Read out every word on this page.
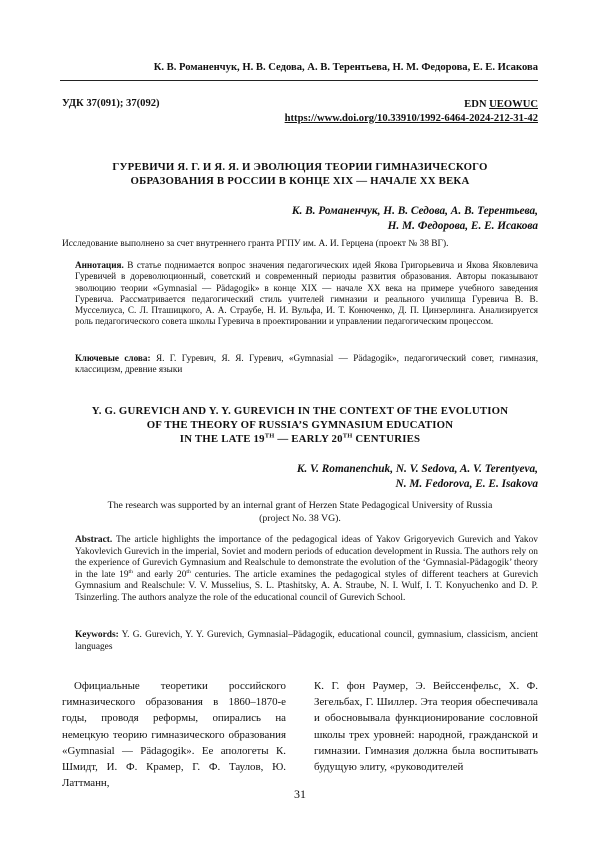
К. В. Романенчук, Н. В. Седова, А. В. Терентьева, Н. М. Федорова, Е. Е. Исакова
УДК 37(091); 37(092)	EDN UEOWUC
https://www.doi.org/10.33910/1992-6464-2024-212-31-42
ГУРЕВИЧИ Я. Г. И Я. Я. И ЭВОЛЮЦИЯ ТЕОРИИ ГИМНАЗИЧЕСКОГО
ОБРАЗОВАНИЯ В РОССИИ В КОНЦЕ XIX — НАЧАЛЕ XX ВЕКА
К. В. Романенчук, Н. В. Седова, А. В. Терентьева,
Н. М. Федорова, Е. Е. Исакова
Исследование выполнено за счет внутреннего гранта РГПУ им. А. И. Герцена (проект № 38 ВГ).
Аннотация. В статье поднимается вопрос значения педагогических идей Якова Григорьевича и Якова Яковлевича Гуревичей в дореволюционный, советский и современный периоды развития образования. Авторы показывают эволюцию теории «Gymnasial — Pädagogik» в конце XIX — начале XX века на примере учебного заведения Гуревича. Рассматривается педагогический стиль учителей гимназии и реального училища Гуревича В. В. Мусселиуса, С. Л. Пташицкого, А. А. Страубе, Н. И. Вульфа, И. Т. Конюченко, Д. П. Цинзерлинга. Анализируется роль педагогического совета школы Гуревича в проектировании и управлении педагогическим процессом.
Ключевые слова: Я. Г. Гуревич, Я. Я. Гуревич, «Gymnasial — Pädagogik», педагогический совет, гимназия, классицизм, древние языки
Y. G. GUREVICH AND Y. Y. GUREVICH IN THE CONTEXT OF THE EVOLUTION
OF THE THEORY OF RUSSIA’S GYMNASIUM EDUCATION
IN THE LATE 19TH — EARLY 20TH CENTURIES
K. V. Romanenchuk, N. V. Sedova, A. V. Terentyeva,
N. M. Fedorova, E. E. Isakova
The research was supported by an internal grant of Herzen State Pedagogical University of Russia
(project No. 38 VG).
Abstract. The article highlights the importance of the pedagogical ideas of Yakov Grigoryevich Gurevich and Yakov Yakovlevich Gurevich in the imperial, Soviet and modern periods of education development in Russia. The authors rely on the experience of Gurevich Gymnasium and Realschule to demonstrate the evolution of the ‘Gymnasial-Pädagogik’ theory in the late 19th and early 20th centuries. The article examines the pedagogical styles of different teachers at Gurevich Gymnasium and Realschule: V. V. Musselius, S. L. Ptashitsky, A. A. Straube, N. I. Wulf, I. T. Konyuchenko and D. P. Tsinzerling. The authors analyze the role of the educational council of Gurevich School.
Keywords: Y. G. Gurevich, Y. Y. Gurevich, Gymnasial–Pädagogik, educational council, gymnasium, classicism, ancient languages
Официальные теоретики российского гимназического образования в 1860–1870-е годы, проводя реформы, опирались на немецкую теорию гимназического образования «Gymnasial — Pädagogik». Ее апологеты К. Шмидт, И. Ф. Крамер, Г. Ф. Таулов, Ю. Латтманн,
К. Г. фон Раумер, Э. Вейссенфельс, Х. Ф. Зегельбах, Г. Шиллер. Эта теория обеспечивала и обосновывала функционирование сословной школы трех уровней: народной, гражданской и гимназии. Гимназия должна была воспитывать будущую элиту, «руководителей
31
